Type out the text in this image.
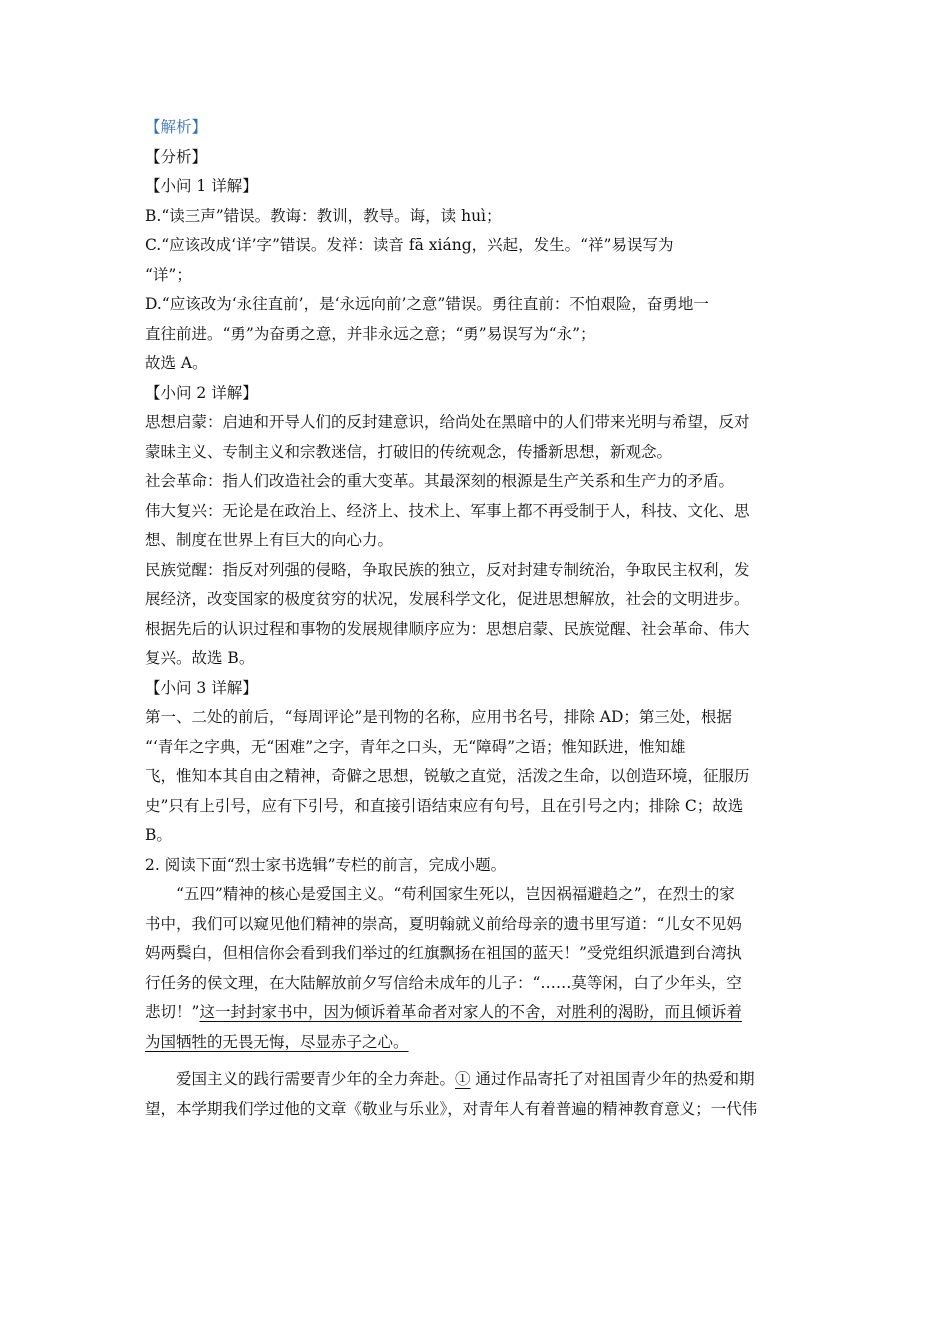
【解析】
【分析】
【小问 1 详解】
B.“读三声”错误。教诲：教训，教导。诲，读 huì；
C.“应该改成‘详’字”错误。发祥：读音 fā xiáng，兴起，发生。“祥”易误写为
“详”；
D.“应该改为‘永往直前’，是‘永远向前’之意”错误。勇往直前：不怕艰险，奋勇地一
直往前进。“勇”为奋勇之意，并非永远之意；“勇”易误写为“永”；
故选 A。
【小问 2 详解】
思想启蒙：启迪和开导人们的反封建意识，给尚处在黑暗中的人们带来光明与希望，反对
蒙昧主义、专制主义和宗教迷信，打破旧的传统观念，传播新思想，新观念。
社会革命：指人们改造社会的重大变革。其最深刻的根源是生产关系和生产力的矛盾。
伟大复兴：无论是在政治上、经济上、技术上、军事上都不再受制于人，科技、文化、思
想、制度在世界上有巨大的向心力。
民族觉醒：指反对列强的侵略，争取民族的独立，反对封建专制统治，争取民主权利，发
展经济，改变国家的极度贫穷的状况，发展科学文化，促进思想解放，社会的文明进步。
根据先后的认识过程和事物的发展规律顺序应为：思想启蒙、民族觉醒、社会革命、伟大
复兴。故选 B。
【小问 3 详解】
第一、二处的前后，“每周评论”是刊物的名称，应用书名号，排除 AD；第三处，根据
“‘青年之字典，无“困难”之字，青年之口头，无“障碍”之语；惟知跃进，惟知雄
飞，惟知本其自由之精神，奇僻之思想，锐敏之直觉，活泼之生命，以创造环境，征服历
史”只有上引号，应有下引号，和直接引语结束应有句号，且在引号之内；排除 C；故选
B。
2. 阅读下面“烈士家书选辑”专栏的前言，完成小题。
“五四”精神的核心是爱国主义。“苟利国家生死以，岂因祸福避趋之”，在烈士的家
书中，我们可以窥见他们精神的崇高，夏明翰就义前给母亲的遗书里写道：“儿女不见妈
妈两鬓白，但相信你会看到我们举过的红旗飘扬在祖国的蓝天！”受党组织派遣到台湾执
行任务的侯文理，在大陆解放前夕写信给未成年的儿子：“……莫等闲，白了少年头，空
悲切！”这一封封家书中，因为倾诉着革命者对家人的不舍，对胜利的渴盼，而且倾诉着
为国牺牲的无畏无悔，尽显赤子之心。
爱国主义的践行需要青少年的全力奔赴。① 通过作品寄托了对祖国青少年的热爱和期
望，本学期我们学过他的文章《敬业与乐业》，对青年人有着普遍的精神教育意义；一代伟
